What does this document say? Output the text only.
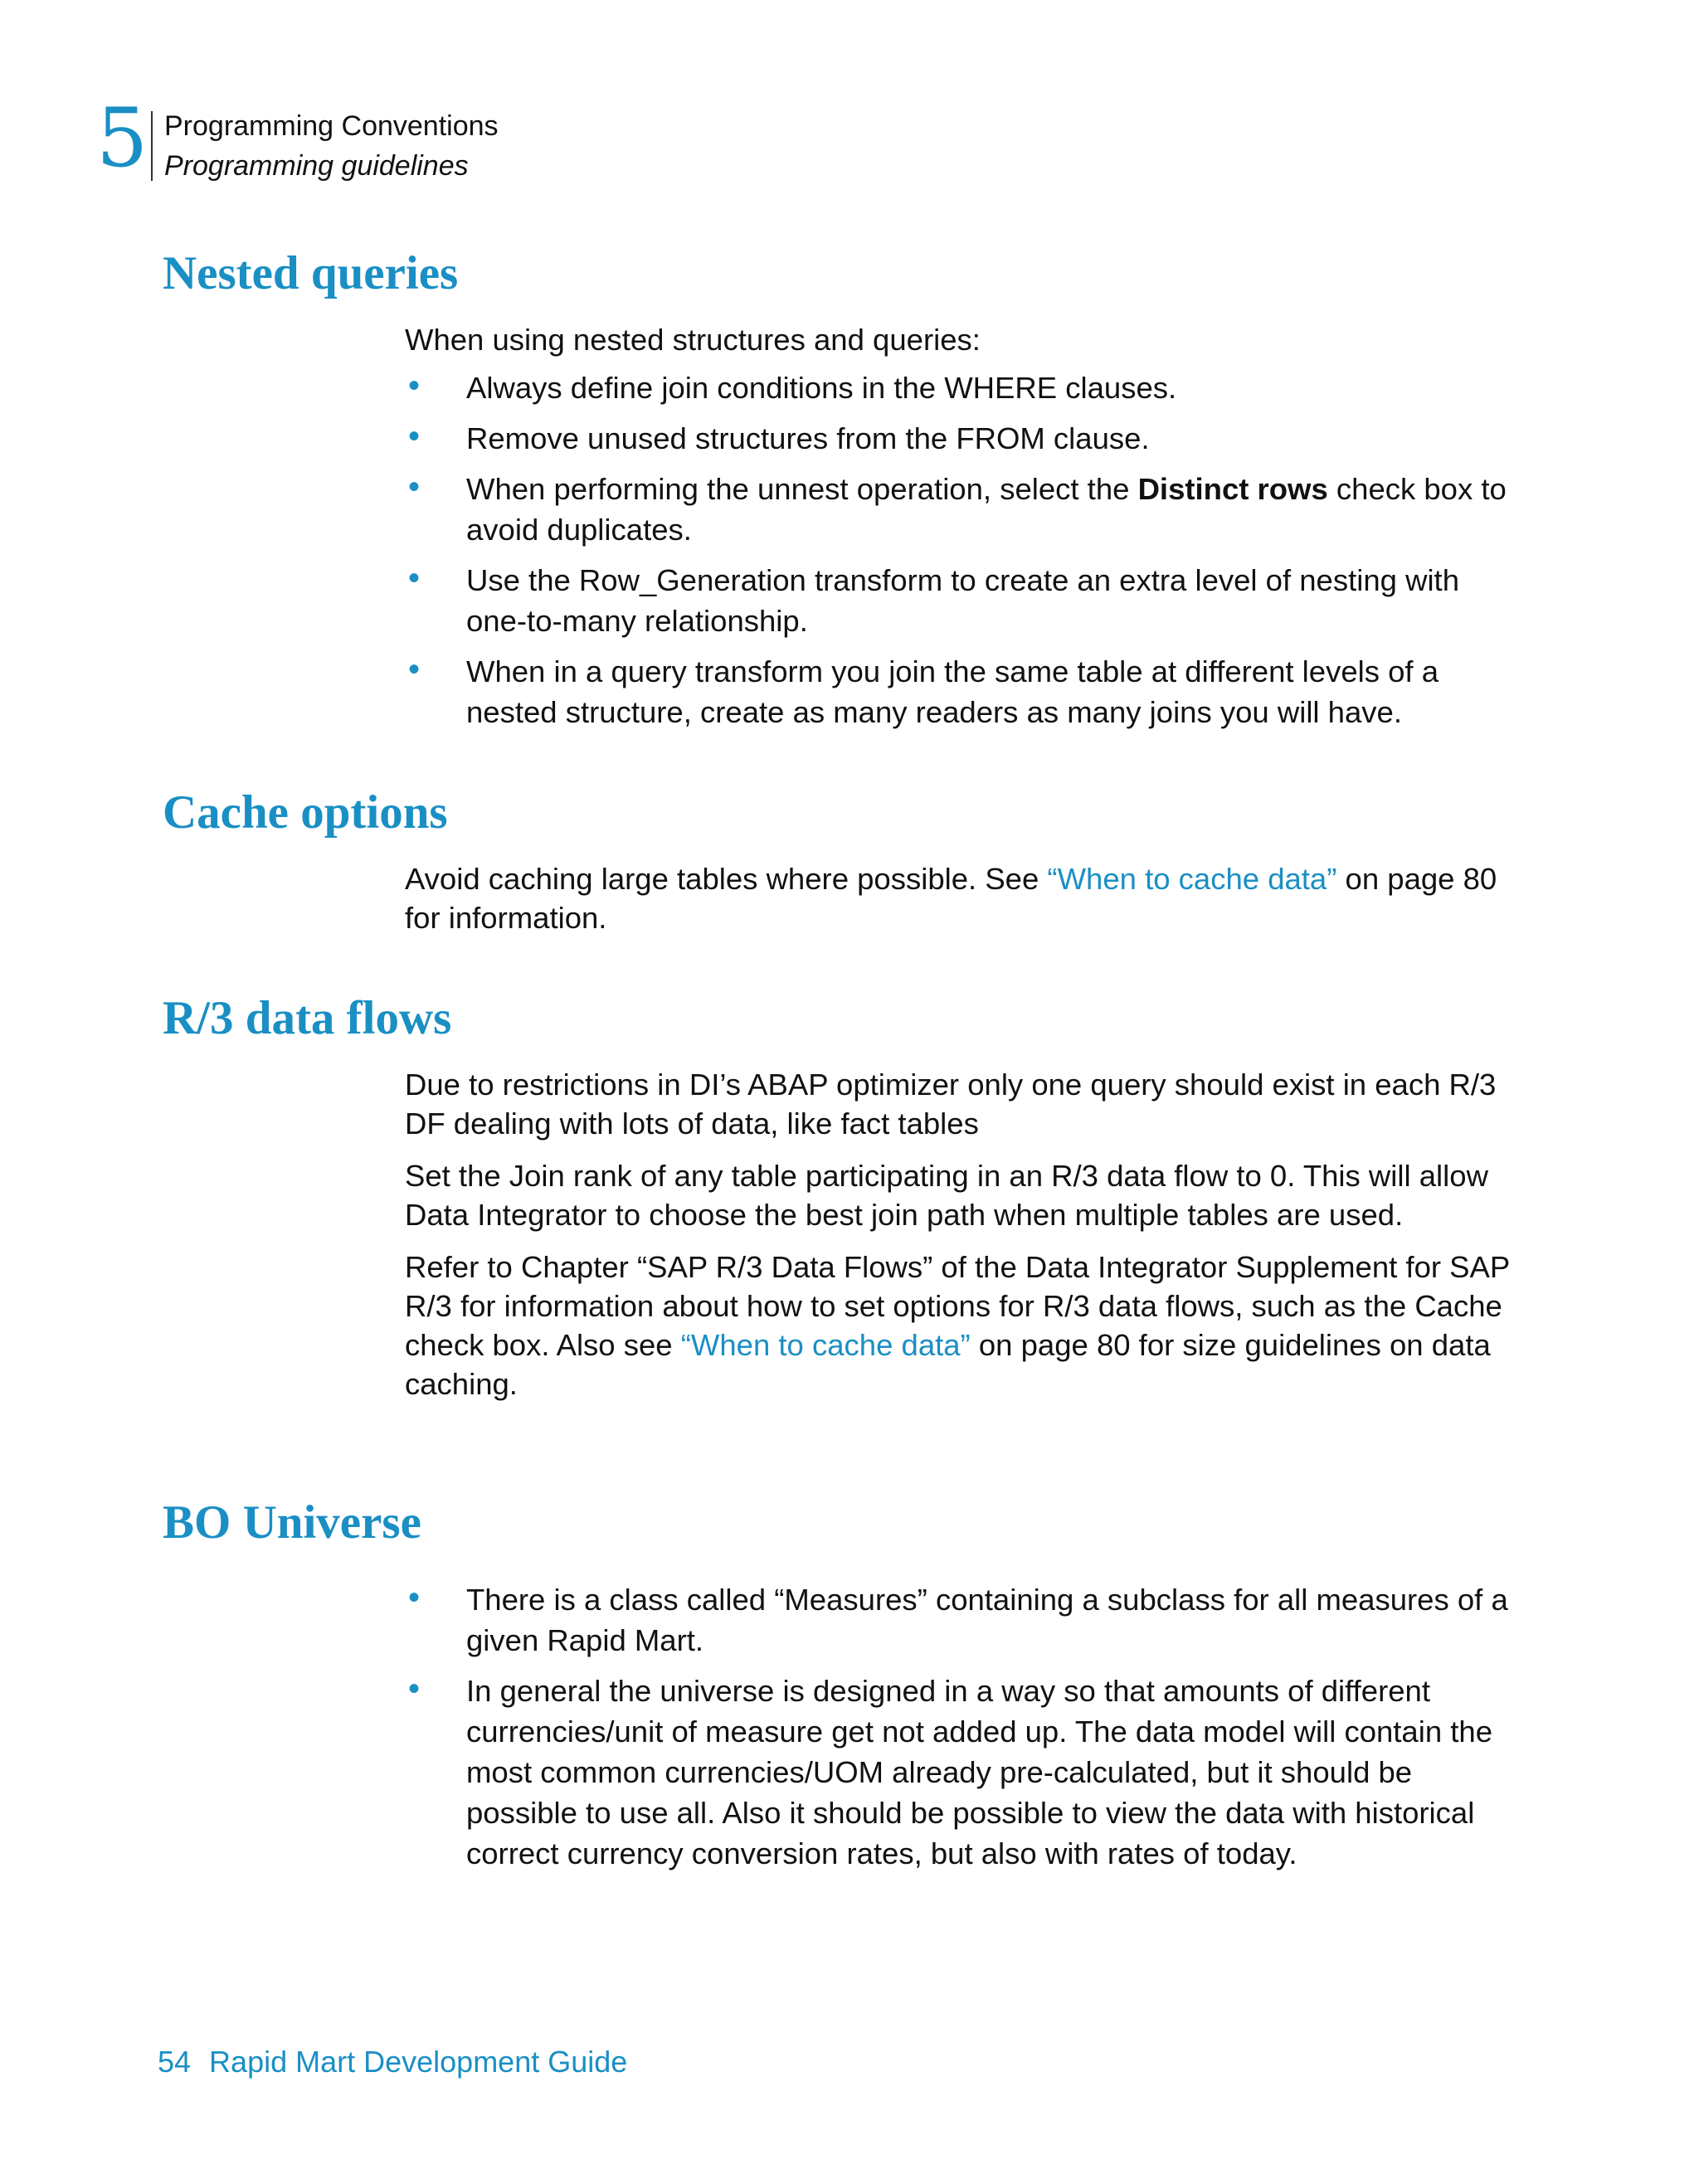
5 Programming Conventions
Programming guidelines
Nested queries

When using nested structures and queries:

• Always define join conditions in the WHERE clauses.
• Remove unused structures from the FROM clause.
• When performing the unnest operation, select the Distinct rows check box to avoid duplicates.
• Use the Row_Generation transform to create an extra level of nesting with one-to-many relationship.
• When in a query transform you join the same table at different levels of a nested structure, create as many readers as many joins you will have.
Cache options

Avoid caching large tables where possible. See “When to cache data” on page 80 for information.

R/3 data flows

Due to restrictions in DI’s ABAP optimizer only one query should exist in each R/3 DF dealing with lots of data, like fact tables

Set the Join rank of any table participating in an R/3 data flow to 0. This will allow Data Integrator to choose the best join path when multiple tables are used.

Refer to Chapter “SAP R/3 Data Flows” of the Data Integrator Supplement for SAP R/3 for information about how to set options for R/3 data flows, such as the Cache check box. Also see “When to cache data” on page 80 for size guidelines on data caching.

BO Universe
• There is a class called “Measures” containing a subclass for all measures of a given Rapid Mart.
• In general the universe is designed in a way so that amounts of different currencies/unit of measure get not added up. The data model will contain the most common currencies/UOM already pre-calculated, but it should be possible to use all. Also it should be possible to view the data with historical correct currency conversion rates, but also with rates of today.
54 Rapid Mart Development Guide
